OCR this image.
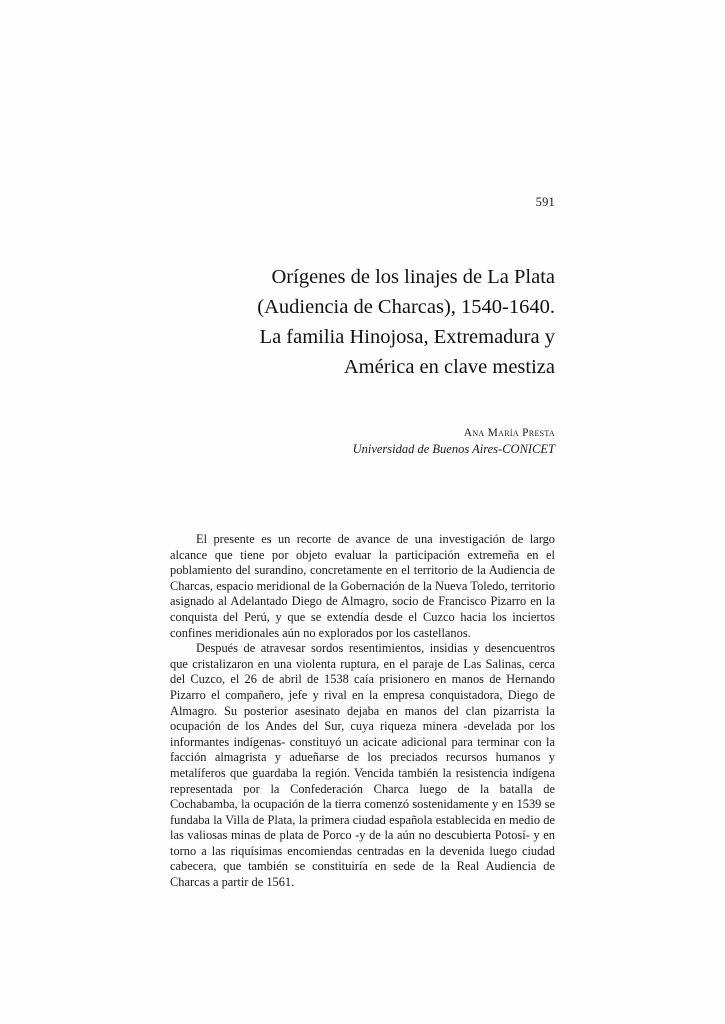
591
Orígenes de los linajes de La Plata
(Audiencia de Charcas), 1540-1640.
La familia Hinojosa, Extremadura y
América en clave mestiza
Ana María Presta
Universidad de Buenos Aires-CONICET

El presente es un recorte de avance de una investigación de largo alcance que tiene por objeto evaluar la participación extremeña en el poblamiento del surandino, concretamente en el territorio de la Audiencia de Charcas, espacio meridional de la Gobernación de la Nueva Toledo, territorio asignado al Adelantado Diego de Almagro, socio de Francisco Pizarro en la conquista del Perú, y que se extendía desde el Cuzco hacia los inciertos confines meridionales aún no explorados por los castellanos.

Después de atravesar sordos resentimientos, insidias y desencuentros que cristalizaron en una violenta ruptura, en el paraje de Las Salinas, cerca del Cuzco, el 26 de abril de 1538 caía prisionero en manos de Hernando Pizarro el compañero, jefe y rival en la empresa conquistadora, Diego de Almagro. Su posterior asesinato dejaba en manos del clan pizarrista la ocupación de los Andes del Sur, cuya riqueza minera -develada por los informantes indígenas- constituyó un acicate adicional para terminar con la facción almagrista y adueñarse de los preciados recursos humanos y metalíferos que guardaba la región. Vencida también la resistencia indígena representada por la Confederación Charca luego de la batalla de Cochabamba, la ocupación de la tierra comenzó sostenidamente y en 1539 se fundaba la Villa de Plata, la primera ciudad española establecida en medio de las valiosas minas de plata de Porco -y de la aún no descubierta Potosí- y en torno a las riquísimas encomiendas centradas en la devenida luego ciudad cabecera, que también se constituiría en sede de la Real Audiencia de Charcas a partir de 1561.
